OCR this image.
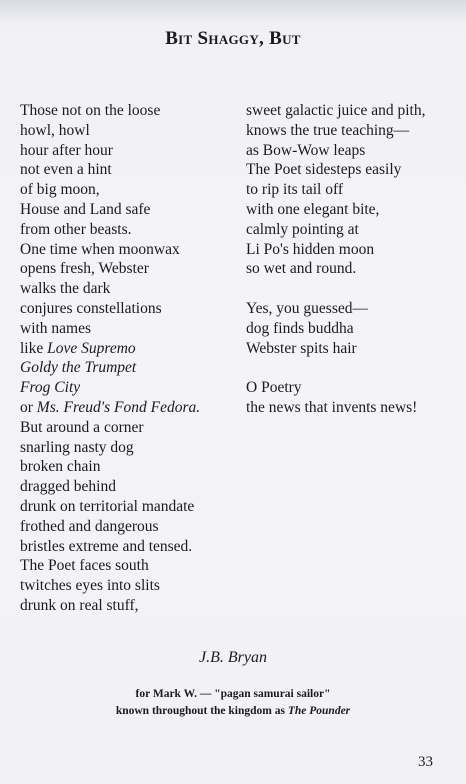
Bit Shaggy, But
Those not on the loose
howl, howl
hour after hour
not even a hint
of big moon,
House and Land safe
from other beasts.
One time when moonwax
opens fresh, Webster
walks the dark
conjures constellations
with names
like Love Supremo
Goldy the Trumpet
Frog City
or Ms. Freud's Fond Fedora.
But around a corner
snarling nasty dog
broken chain
dragged behind
drunk on territorial mandate
frothed and dangerous
bristles extreme and tensed.
The Poet faces south
twitches eyes into slits
drunk on real stuff,
sweet galactic juice and pith,
knows the true teaching—
as Bow-Wow leaps
The Poet sidesteps easily
to rip its tail off
with one elegant bite,
calmly pointing at
Li Po's hidden moon
so wet and round.
Yes, you guessed—
dog finds buddha
Webster spits hair
O Poetry
the news that invents news!
J.B. Bryan
for Mark W. — "pagan samurai sailor"
known throughout the kingdom as The Pounder
33
